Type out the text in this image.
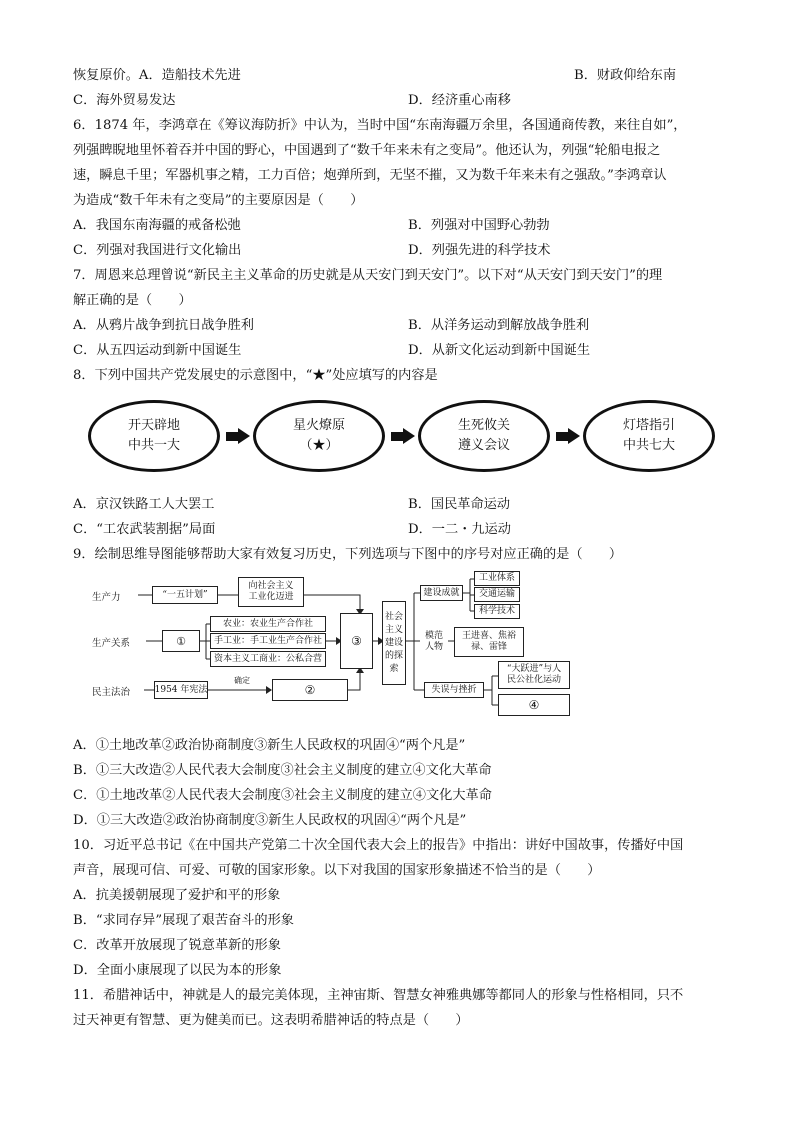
恢复原价。A．造船技术先进	B．财政仰给东南
C．海外贸易发达	D．经济重心南移
6．1874 年，李鸿章在《筹议海防折》中认为，当时中国“东南海疆万余里，各国通商传教，来往自如”，
列强睥睨地里怀着吞并中国的野心，中国遇到了“数千年来未有之变局”。他还认为，列强“轮船电报之
速，瞬息千里；军器机事之精，工力百倍；炮弹所到，无坚不摧，又为数千年来未有之强敌。”李鸿章认
为造成“数千年未有之变局”的主要原因是（　　）
A．我国东南海疆的戒备松弛	B．列强对中国野心勃勃
C．列强对我国进行文化输出	D．列强先进的科学技术
7．周恩来总理曾说“新民主主义革命的历史就是从天安门到天安门”。以下对“从天安门到天安门”的理
解正确的是（　　）
A．从鸦片战争到抗日战争胜利	B．从洋务运动到解放战争胜利
C．从五四运动到新中国诞生	D．从新文化运动到新中国诞生
8．下列中国共产党发展史的示意图中，“★”处应填写的内容是
开天辟地
中共一大
星火燎原
（★）
生死攸关
遵义会议
灯塔指引
中共七大
A．京汉铁路工人大罢工	B．国民革命运动
C．“工农武装割据”局面	D．一二・九运动
9．绘制思维导图能够帮助大家有效复习历史，下列选项与下图中的序号对应正确的是（　　）
生产力	“一五计划”
向社会主义
工业化迈进
生产关系	①
农业：农业生产合作社
手工业：手工业生产合作社
资本主义工商业：公私合营
③
民主法治	1954 年宪法
确定
②
社会主义建设的探索
建设成就
工业体系
交通运输
科学技术
模范
人物
王进喜、焦裕
禄、雷锋
失误与挫折
“大跃进”与人
民公社化运动
④
A．①土地改革②政治协商制度③新生人民政权的巩固④“两个凡是”
B．①三大改造②人民代表大会制度③社会主义制度的建立④文化大革命
C．①土地改革②人民代表大会制度③社会主义制度的建立④文化大革命
D．①三大改造②政治协商制度③新生人民政权的巩固④“两个凡是”
10．习近平总书记《在中国共产党第二十次全国代表大会上的报告》中指出：讲好中国故事，传播好中国
声音，展现可信、可爱、可敬的国家形象。以下对我国的国家形象描述不恰当的是（　　）
A．抗美援朝展现了爱护和平的形象
B．“求同存异”展现了艰苦奋斗的形象
C．改革开放展现了锐意革新的形象
D．全面小康展现了以民为本的形象
11．希腊神话中，神就是人的最完美体现，主神宙斯、智慧女神雅典娜等都同人的形象与性格相同，只不
过天神更有智慧、更为健美而已。这表明希腊神话的特点是（　　）
